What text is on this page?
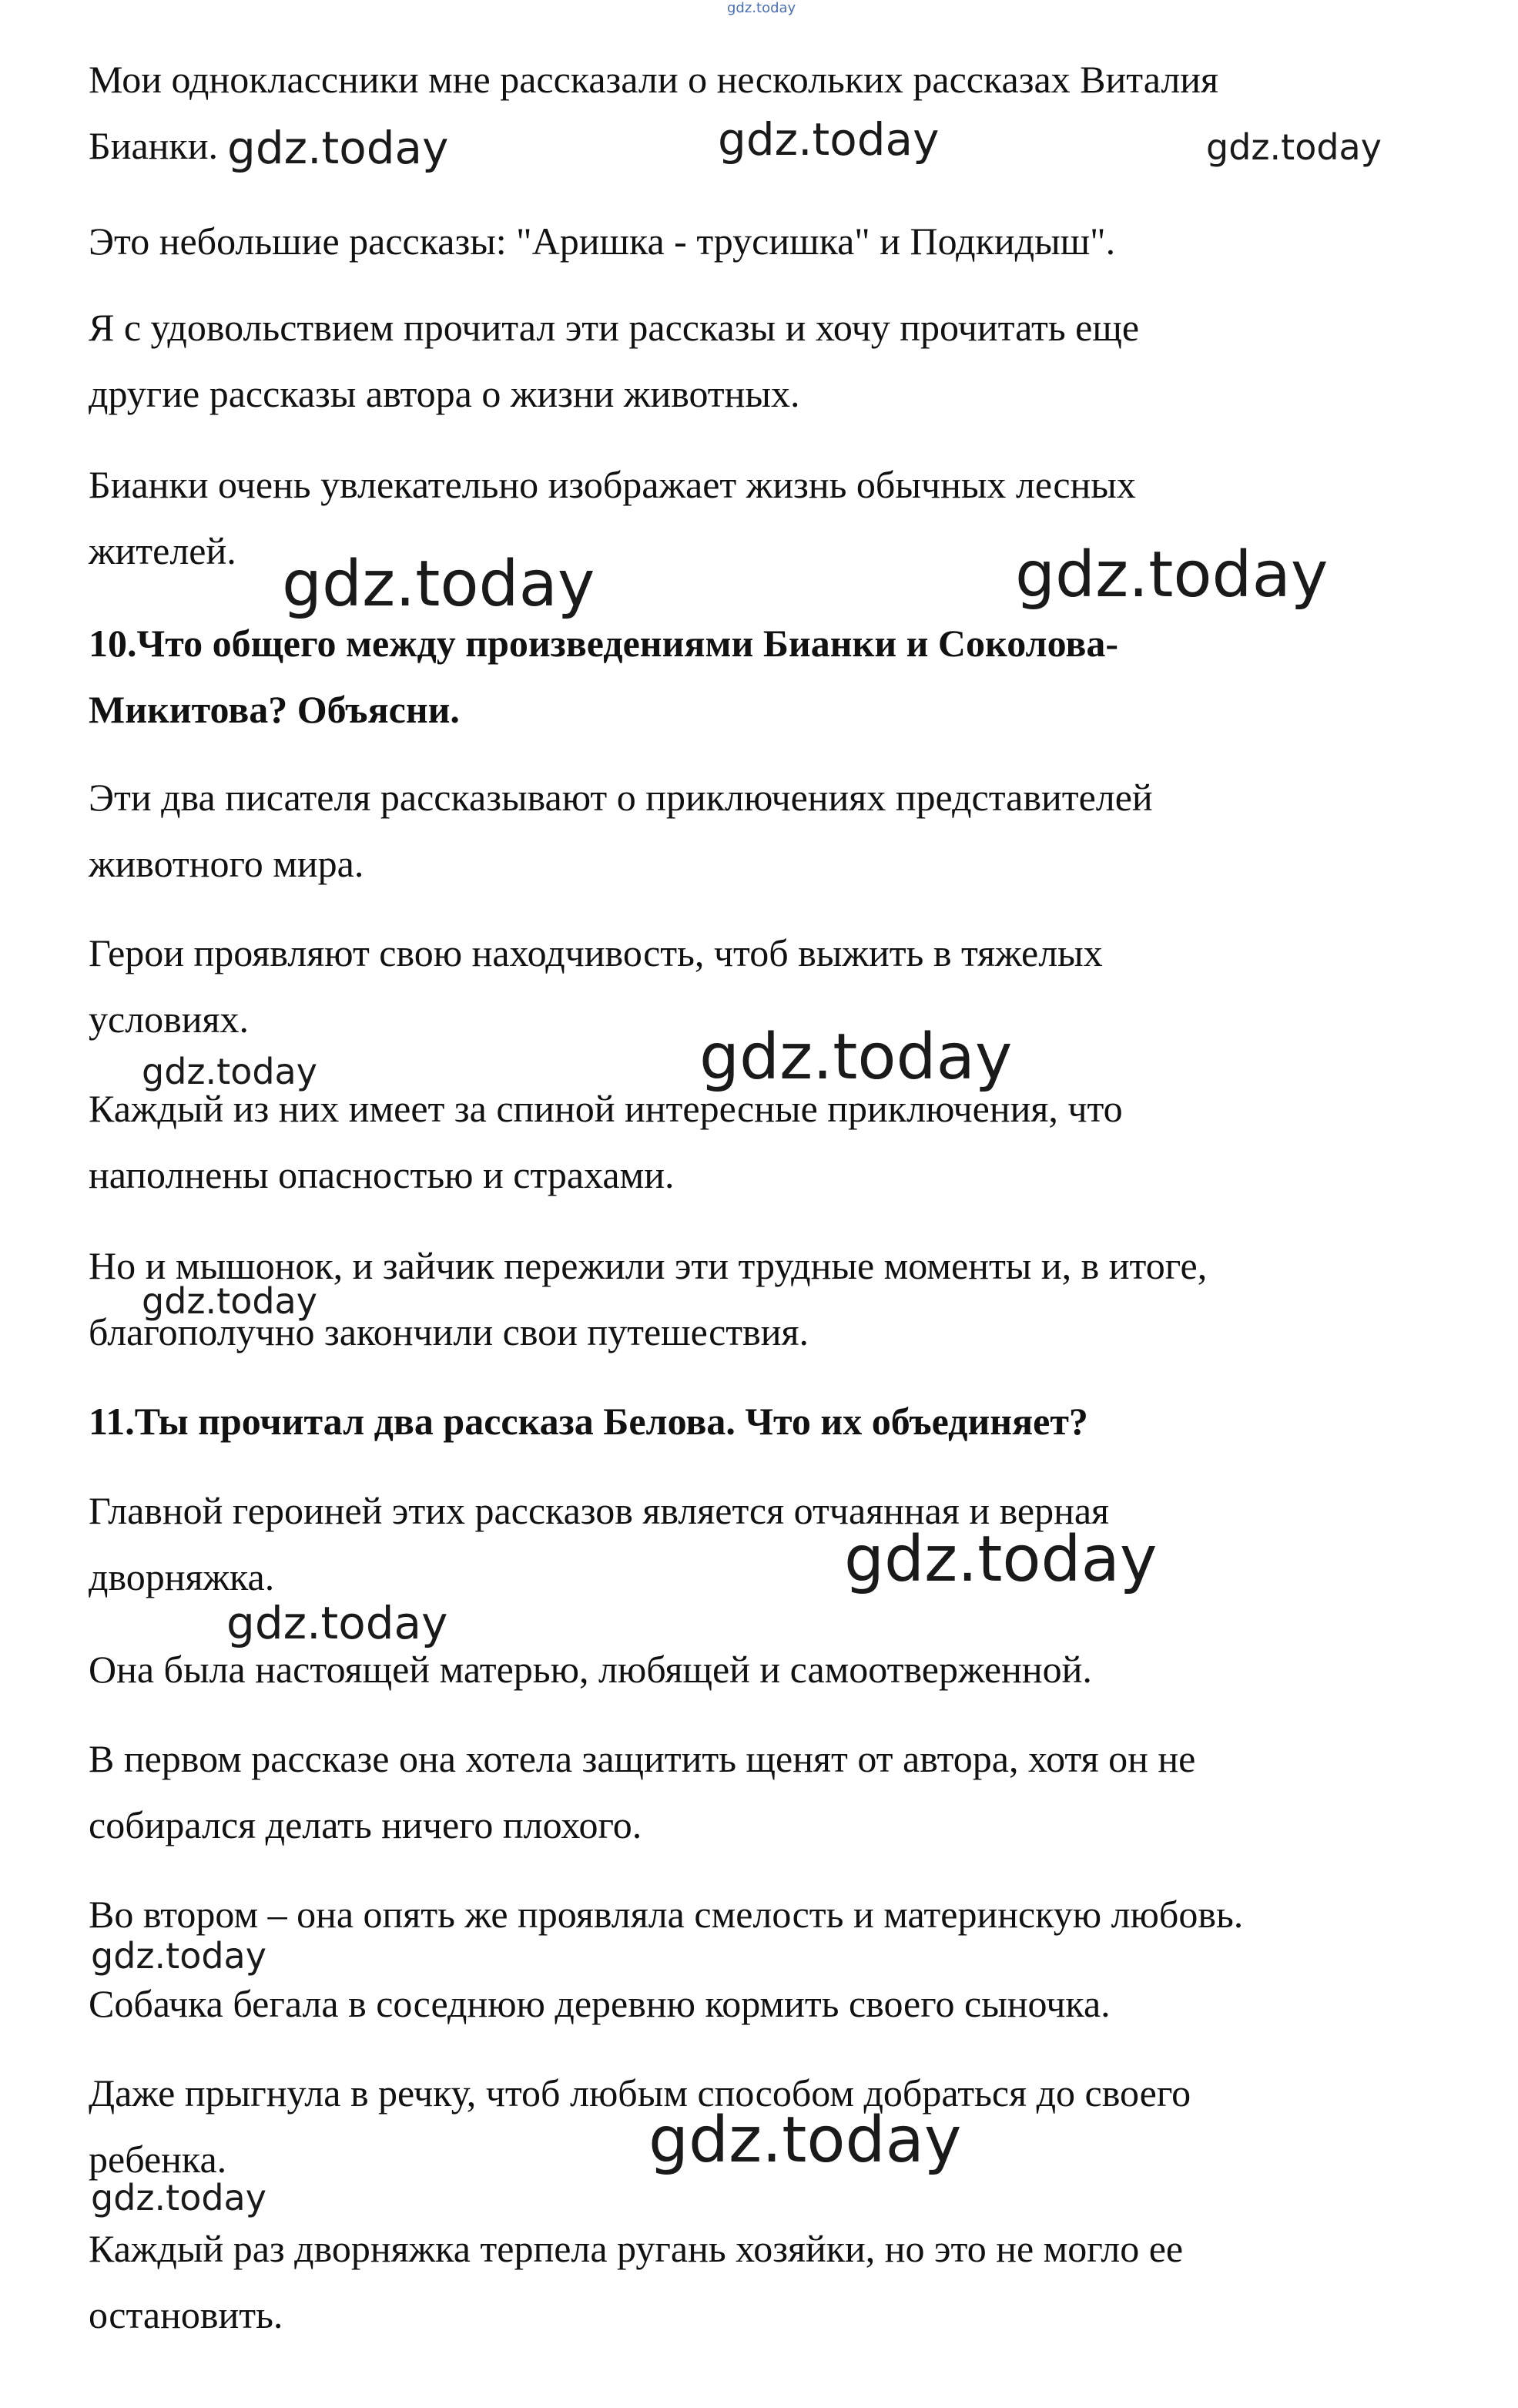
gdz.today
Мои одноклассники мне рассказали о нескольких рассказах Виталия
Бианки. gdz.today	gdz.today	gdz.today
Это небольшие рассказы: "Аришка - трусишка" и Подкидыш".
Я с удовольствием прочитал эти рассказы и хочу прочитать еще
другие рассказы автора о жизни животных.
Бианки очень увлекательно изображает жизнь обычных лесных
жителей. gdz.today	gdz.today
10.Что общего между произведениями Бианки и Соколова-
Микитова? Объясни.
Эти два писателя рассказывают о приключениях представителей
животного мира.
Герои проявляют свою находчивость, чтоб выжить в тяжелых
условиях.
gdz.today	gdz.today
Каждый из них имеет за спиной интересные приключения, что
наполнены опасностью и страхами.
Но и мышонок, и зайчик пережили эти трудные моменты и, в итоге,
благополучно закончили свои путешествия.
gdz.today
11.Ты прочитал два рассказа Белова. Что их объединяет?
Главной героиней этих рассказов является отчаянная и верная
дворняжка.	gdz.today
gdz.today
Она была настоящей матерью, любящей и самоотверженной.
В первом рассказе она хотела защитить щенят от автора, хотя он не
собирался делать ничего плохого.
Во втором – она опять же проявляла смелость и материнскую любовь.
gdz.today
Собачка бегала в соседнюю деревню кормить своего сыночка.
Даже прыгнула в речку, чтоб любым способом добраться до своего
ребенка.	gdz.today
gdz.today
Каждый раз дворняжка терпела ругань хозяйки, но это не могло ее
остановить.
